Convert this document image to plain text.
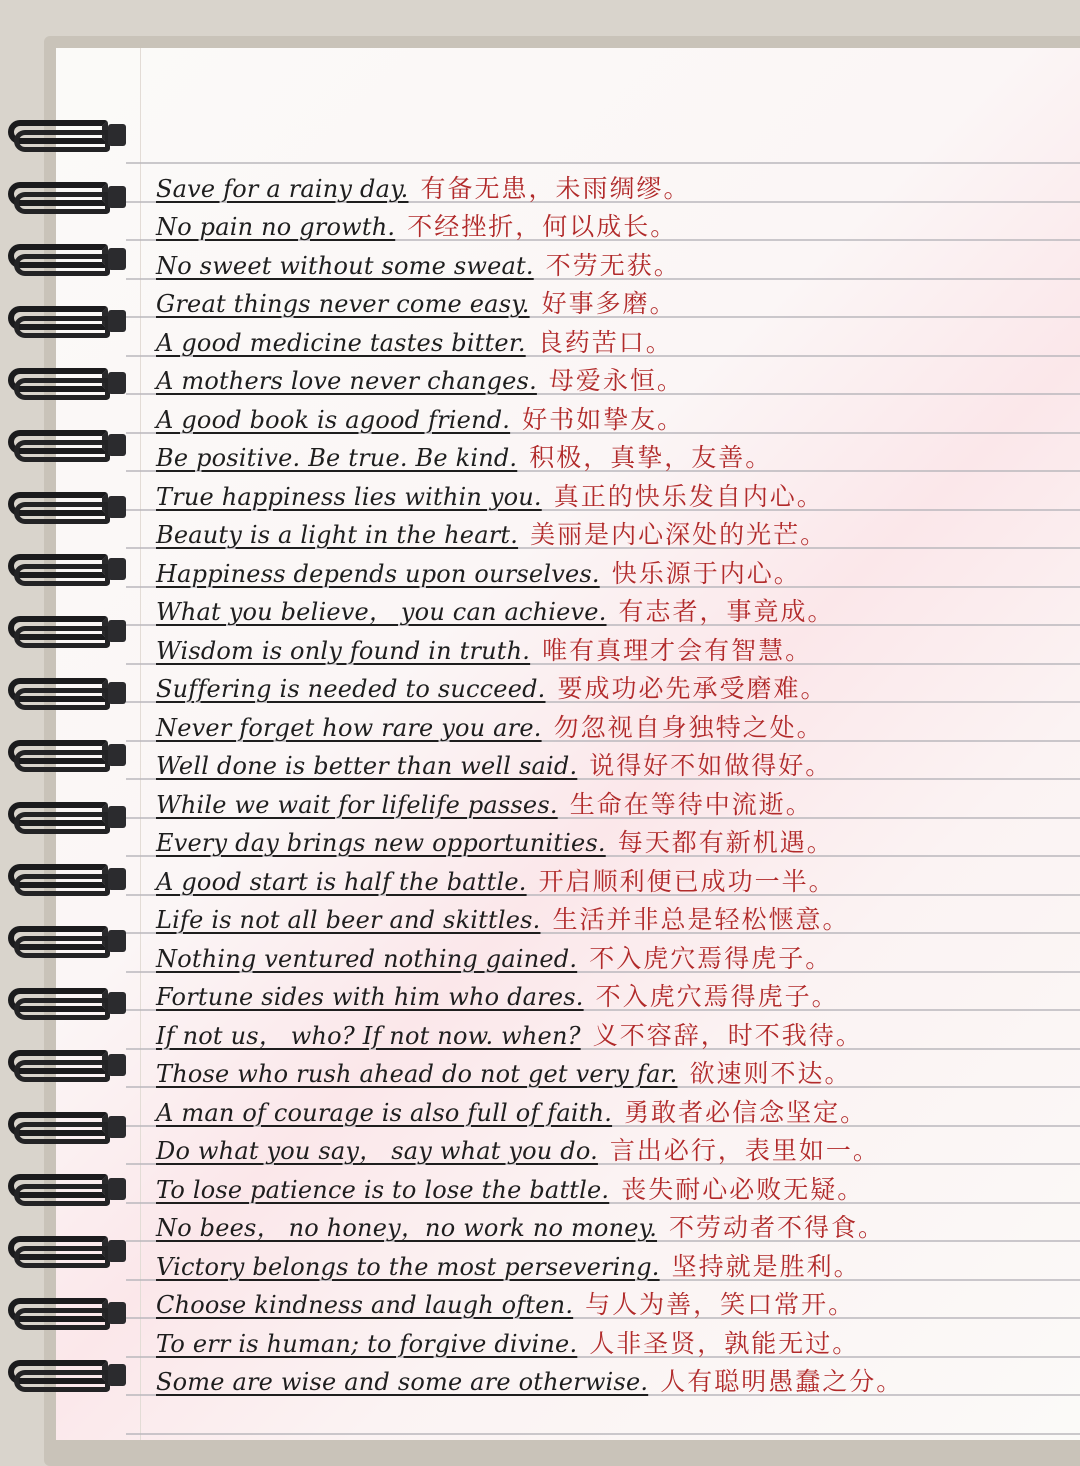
Save for a rainy day. 有备无患，未雨绸缪。
No pain no growth. 不经挫折，何以成长。
No sweet without some sweat. 不劳无获。
Great things never come easy. 好事多磨。
A good medicine tastes bitter. 良药苦口。
A mothers love never changes. 母爱永恒。
A good book is agood friend. 好书如挚友。
Be positive. Be true. Be kind. 积极，真挚，友善。
True happiness lies within you. 真正的快乐发自内心。
Beauty is a light in the heart. 美丽是内心深处的光芒。
Happiness depends upon ourselves. 快乐源于内心。
What you believe， you can achieve. 有志者，事竟成。
Wisdom is only found in truth. 唯有真理才会有智慧。
Suffering is needed to succeed. 要成功必先承受磨难。
Never forget how rare you are. 勿忽视自身独特之处。
Well done is better than well said. 说得好不如做得好。
While we wait for lifelife passes. 生命在等待中流逝。
Every day brings new opportunities. 每天都有新机遇。
A good start is half the battle. 开启顺利便已成功一半。
Life is not all beer and skittles. 生活并非总是轻松惬意。
Nothing ventured nothing gained. 不入虎穴焉得虎子。
Fortune sides with him who dares. 不入虎穴焉得虎子。
If not us， who? If not now. when? 义不容辞，时不我待。
Those who rush ahead do not get very far. 欲速则不达。
A man of courage is also full of faith. 勇敢者必信念坚定。
Do what you say， say what you do. 言出必行，表里如一。
To lose patience is to lose the battle. 丧失耐心必败无疑。
No bees， no honey，no work no money. 不劳动者不得食。
Victory belongs to the most persevering. 坚持就是胜利。
Choose kindness and laugh often. 与人为善，笑口常开。
To err is human; to forgive divine. 人非圣贤，孰能无过。
Some are wise and some are otherwise. 人有聪明愚蠢之分。
